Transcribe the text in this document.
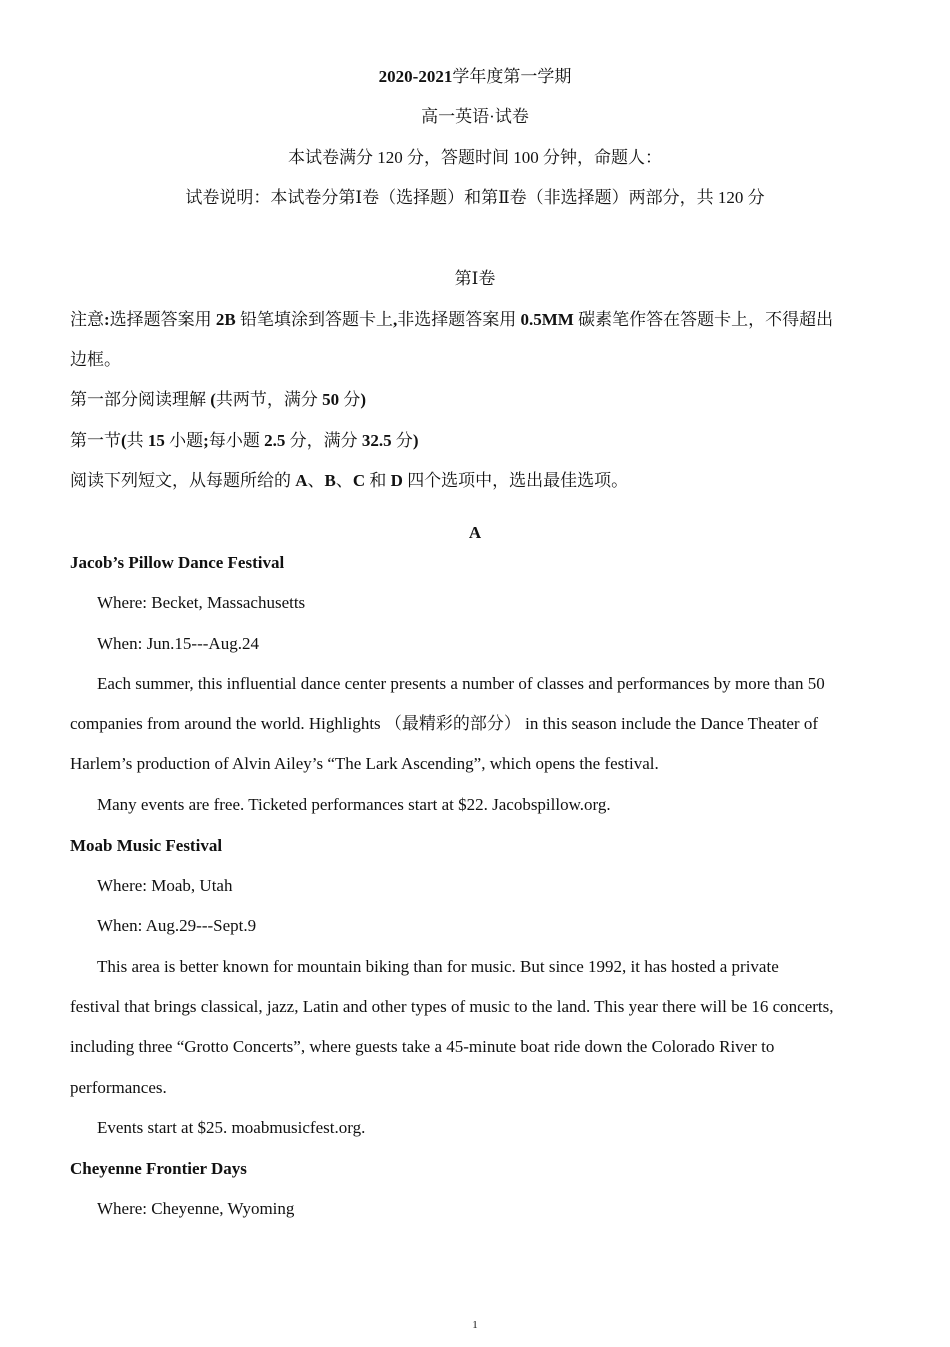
2020-2021学年度第一学期
高一英语·试卷
本试卷满分 120 分，答题时间 100 分钟，命题人：
试卷说明：本试卷分第Ⅰ卷（选择题）和第Ⅱ卷（非选择题）两部分，共 120 分
第Ⅰ卷
注意:选择题答案用 2B 铅笔填涂到答题卡上,非选择题答案用 0.5MM 碳素笔作答在答题卡上，不得超出
边框。
第一部分阅读理解 (共两节，满分 50 分)
第一节(共 15 小题;每小题 2.5 分，满分 32.5 分)
阅读下列短文，从每题所给的 A、B、C 和 D 四个选项中，选出最佳选项。
A
Jacob’s Pillow Dance Festival
Where: Becket, Massachusetts
When: Jun.15---Aug.24
Each summer, this influential dance center presents a number of classes and performances by more than 50
companies from around the world. Highlights （最精彩的部分） in this season include the Dance Theater of
Harlem’s production of Alvin Ailey’s “The Lark Ascending”, which opens the festival.
Many events are free. Ticketed performances start at $22. Jacobspillow.org.
Moab Music Festival
Where: Moab, Utah
When: Aug.29---Sept.9
This area is better known for mountain biking than for music. But since 1992, it has hosted a private
festival that brings classical, jazz, Latin and other types of music to the land. This year there will be 16 concerts,
including three “Grotto Concerts”, where guests take a 45-minute boat ride down the Colorado River to
performances.
Events start at $25. moabmusicfest.org.
Cheyenne Frontier Days
Where: Cheyenne, Wyoming
1
